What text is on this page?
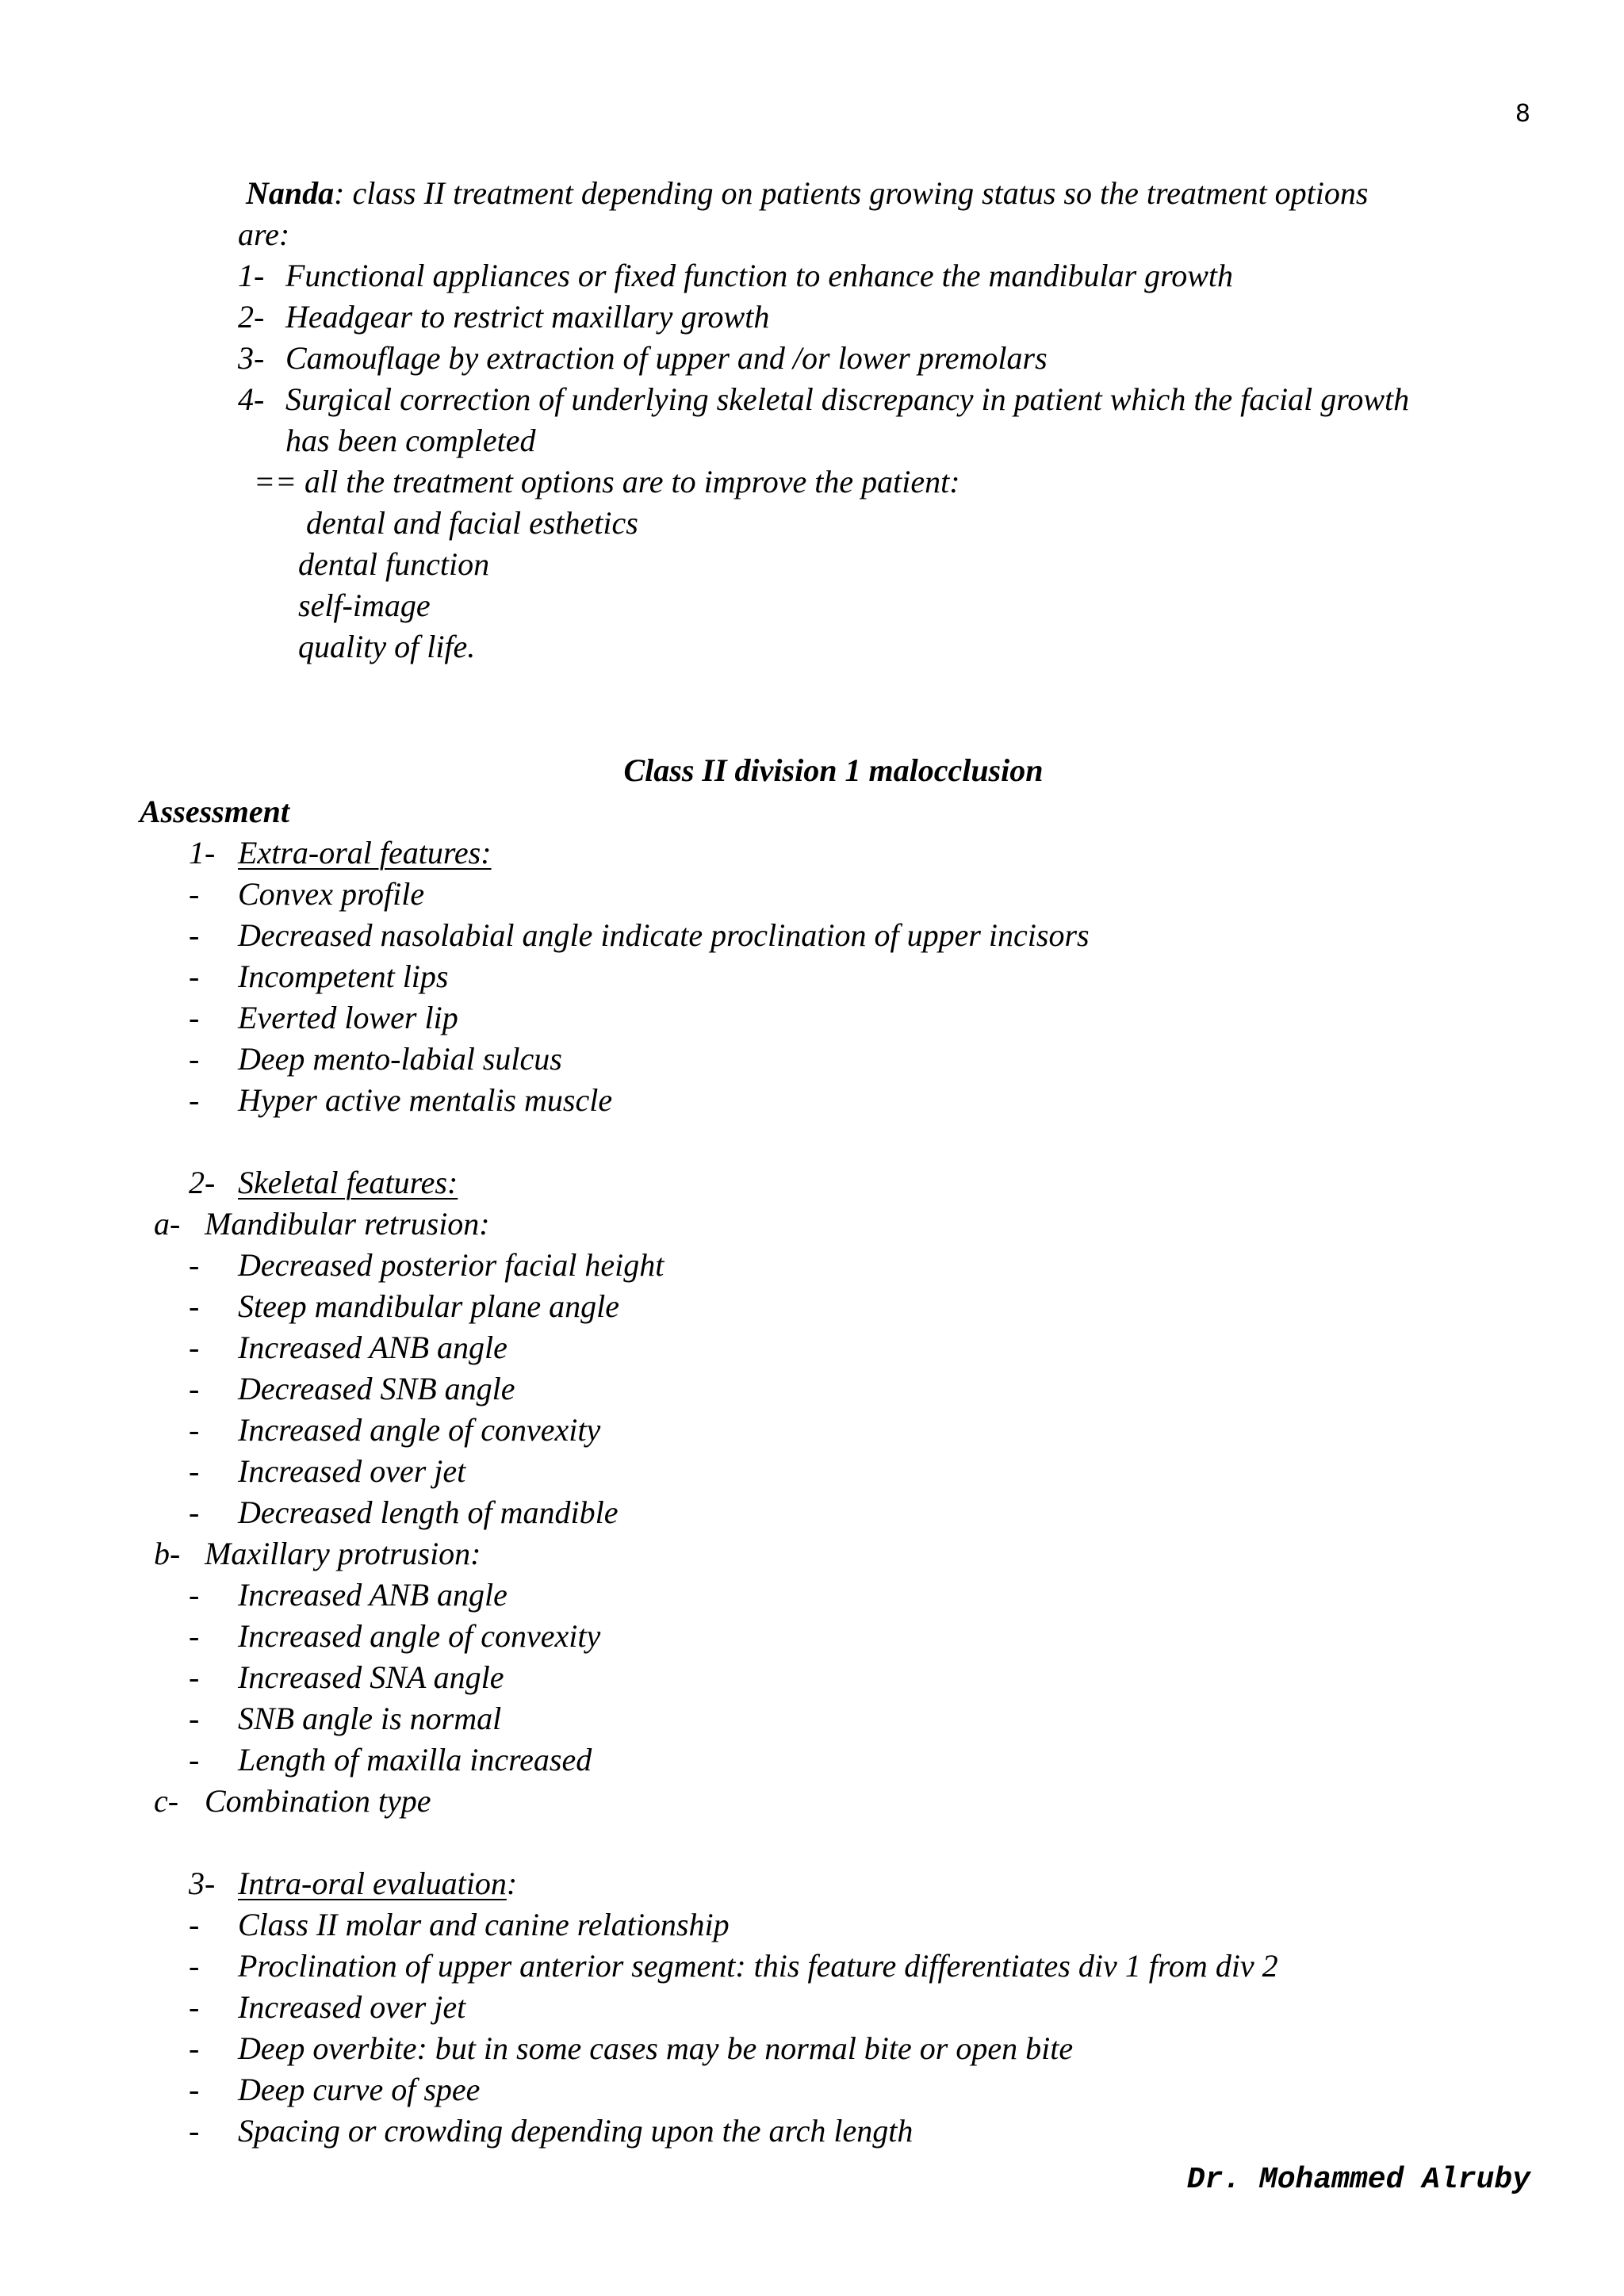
8
Nanda: class II treatment depending on patients growing status so the treatment options
are:
1- Functional appliances or fixed function to enhance the mandibular growth
2- Headgear to restrict maxillary growth
3- Camouflage by extraction of upper and /or lower premolars
4- Surgical correction of underlying skeletal discrepancy in patient which the facial growth
has been completed
== all the treatment options are to improve the patient:
dental and facial esthetics
dental function
self-image
quality of life.
Class II division 1 malocclusion
Assessment
1- Extra-oral features:
- Convex profile
- Decreased nasolabial angle indicate proclination of upper incisors
- Incompetent lips
- Everted lower lip
- Deep mento-labial sulcus
- Hyper active mentalis muscle
2- Skeletal features:
a- Mandibular retrusion:
- Decreased posterior facial height
- Steep mandibular plane angle
- Increased ANB angle
- Decreased SNB angle
- Increased angle of convexity
- Increased over jet
- Decreased length of mandible
b- Maxillary protrusion:
- Increased ANB angle
- Increased angle of convexity
- Increased SNA angle
- SNB angle is normal
- Length of maxilla increased
c- Combination type
3- Intra-oral evaluation:
- Class II molar and canine relationship
- Proclination of upper anterior segment: this feature differentiates div 1 from div 2
- Increased over jet
- Deep overbite: but in some cases may be normal bite or open bite
- Deep curve of spee
- Spacing or crowding depending upon the arch length
Dr. Mohammed Alruby
